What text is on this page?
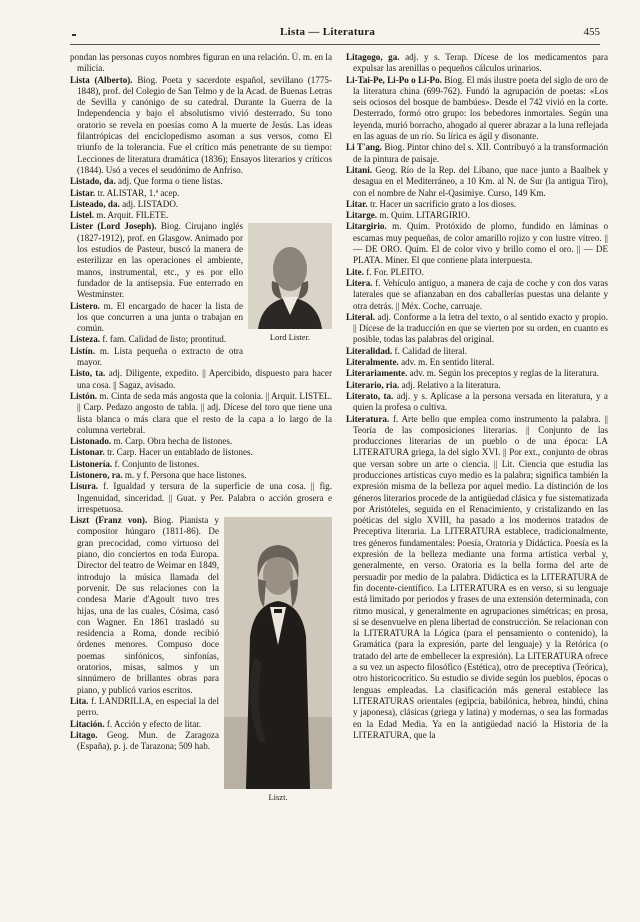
Lista — Literatura	455

pondan las personas cuyos nombres figuran en una relación. Ú. m. en la milicia.

Lista (Alberto). Biog. Poeta y sacerdote español, sevillano (1775-1848), prof. del Colegio de San Telmo y de la Acad. de Buenas Letras de Sevilla y canónigo de su catedral. Durante la Guerra de la Independencia y bajo el absolutismo vivió desterrado. Su tono oratorio se revela en poesías como A la muerte de Jesús. Las ideas filantrópicas del enciclopedismo asoman a sus versos, como El triunfo de la tolerancia. Fue el crítico más penetrante de su tiempo: Lecciones de literatura dramática (1836); Ensayos literarios y críticos (1844). Usó a veces el seudónimo de Anfriso.

Listado, da. adj. Que forma o tiene listas.

Listar. tr. ALISTAR, 1.ª acep.

Listeado, da. adj. LISTADO.

Listel. m. Arquit. FILETE.

Lord Lister.

Lister (Lord Joseph). Biog. Cirujano inglés (1827-1912), prof. en Glasgow. Animado por los estudios de Pasteur, buscó la manera de esterilizar en las operaciones el ambiente, manos, instrumental, etc., y es por ello fundador de la antisepsia. Fue enterrado en Westminster.

Listero. m. El encargado de hacer la lista de los que concurren a una junta o trabajan en común.

Listeza. f. fam. Calidad de listo; prontitud.

Listín. m. Lista pequeña o extracto de otra mayor.

Listo, ta. adj. Diligente, expedito. || Apercibido, dispuesto para hacer una cosa. || Sagaz, avisado.

Listón. m. Cinta de seda más angosta que la colonia. || Arquit. LISTEL. || Carp. Pedazo angosto de tabla. || adj. Dícese del toro que tiene una lista blanca o más clara que el resto de la capa a lo largo de la columna vertebral.

Listonado. m. Carp. Obra hecha de listones.

Listonar. tr. Carp. Hacer un entablado de listones.

Listonería. f. Conjunto de listones.

Listonero, ra. m. y f. Persona que hace listones.

Lisura. f. Igualdad y tersura de la superficie de una cosa. || fig. Ingenuidad, sinceridad. || Guat. y Per. Palabra o acción grosera e irrespetuosa.

Liszt.

Liszt (Franz von). Biog. Pianista y compositor húngaro (1811-86). De gran precocidad, como virtuoso del piano, dio conciertos en toda Europa. Director del teatro de Weimar en 1849, introdujo la música llamada del porvenir. De sus relaciones con la condesa Marie d'Agoult tuvo tres hijas, una de las cuales, Cósima, casó con Wagner. En 1861 trasladó su residencia a Roma, donde recibió órdenes menores. Compuso doce poemas sinfónicos, sinfonías, oratorios, misas, salmos y un sinnúmero de brillantes obras para piano, y publicó varios escritos.

Lita. f. LANDRILLA, en especial la del perro.

Litación. f. Acción y efecto de litar.

Litago. Geog. Mun. de Zaragoza (España), p. j. de Tarazona; 509 hab.

Litagogo, ga. adj. y s. Terap. Dícese de los medicamentos para expulsar las arenillas o pequeños cálculos urinarios.

Li-Tai-Pe, Li-Po o Li-Po. Biog. El más ilustre poeta del siglo de oro de la literatura china (699-762). Fundó la agrupación de poetas: «Los seis ociosos del bosque de bambúes». Desde el 742 vivió en la corte. Desterrado, formó otro grupo: los bebedores inmortales. Según una leyenda, murió borracho, ahogado al querer abrazar a la luna reflejada en las aguas de un río. Su lírica es ágil y disonante.

Li T'ang. Biog. Pintor chino del s. XII. Contribuyó a la transformación de la pintura de paisaje.

Litani. Geog. Río de la Rep. del Líbano, que nace junto a Baalbek y desagua en el Mediterráneo, a 10 Km. al N. de Sur (la antigua Tiro), con el nombre de Nahr el-Qasimiye. Curso, 149 Km.

Litar. tr. Hacer un sacrificio grato a los dioses.

Litarge. m. Quím. LITARGIRIO.

Litargirio. m. Quím. Protóxido de plomo, fundido en láminas o escamas muy pequeñas, de color amarillo rojizo y con lustre vítreo. || — DE ORO. Quím. El de color vivo y brillo como el oro. || — DE PLATA. Miner. El que contiene plata interpuesta.

Lite. f. For. PLEITO.

Litera. f. Vehículo antiguo, a manera de caja de coche y con dos varas laterales que se afianzaban en dos caballerías puestas una delante y otra detrás. || Méx. Coche, carruaje.

Literal. adj. Conforme a la letra del texto, o al sentido exacto y propio. || Dícese de la traducción en que se vierten por su orden, en cuanto es posible, todas las palabras del original.

Literalidad. f. Calidad de literal.

Literalmente. adv. m. En sentido literal.

Literariamente. adv. m. Según los preceptos y reglas de la literatura.

Literario, ria. adj. Relativo a la literatura.

Literato, ta. adj. y s. Aplícase a la persona versada en literatura, y a quien la profesa o cultiva.

Literatura. f. Arte bello que emplea como instrumento la palabra. || Teoría de las composiciones literarias. || Conjunto de las producciones literarias de un pueblo o de una época: LA LITERATURA griega, la del siglo XVI. || Por ext., conjunto de obras que versan sobre un arte o ciencia. || Lit. Ciencia que estudia las producciones artísticas cuyo medio es la palabra; significa también la expresión misma de la belleza por aquel medio. La distinción de los géneros literarios procede de la antigüedad clásica y fue sistematizada por Aristóteles, seguida en el Renacimiento, y cristalizando en las poéticas del siglo XVIII, ha pasado a los modernos tratados de Preceptiva literaria. La LITERATURA establece, tradicionalmente, tres géneros fundamentales: Poesía, Oratoria y Didáctica. Poesía es la expresión de la belleza mediante una forma artística verbal y, generalmente, en verso. Oratoria es la bella forma del arte de persuadir por medio de la palabra. Didáctica es la LITERATURA de fin docente-científico. La LITERATURA es en verso, si su lenguaje está limitado por periodos y frases de una extensión determinada, con ritmo musical, y generalmente en agrupaciones simétricas; en prosa, si se desenvuelve en plena libertad de construcción. Se relacionan con la LITERATURA la Lógica (para el pensamiento o contenido), la Gramática (para la expresión, parte del lenguaje) y la Retórica (o tratado del arte de embellecer la expresión). La LITERATURA ofrece a su vez un aspecto filosófico (Estética), otro de preceptiva (Teórica), otro historicocrítico. Su estudio se divide según los pueblos, épocas o lenguas empleadas. La clasificación más general establece las LITERATURAS orientales (egipcia, babilónica, hebrea, hindú, china y japonesa), clásicas (griega y latina) y modernas, o sea las formadas en la Edad Media. Ya en la antigüedad nació la Historia de la LITERATURA, que la
